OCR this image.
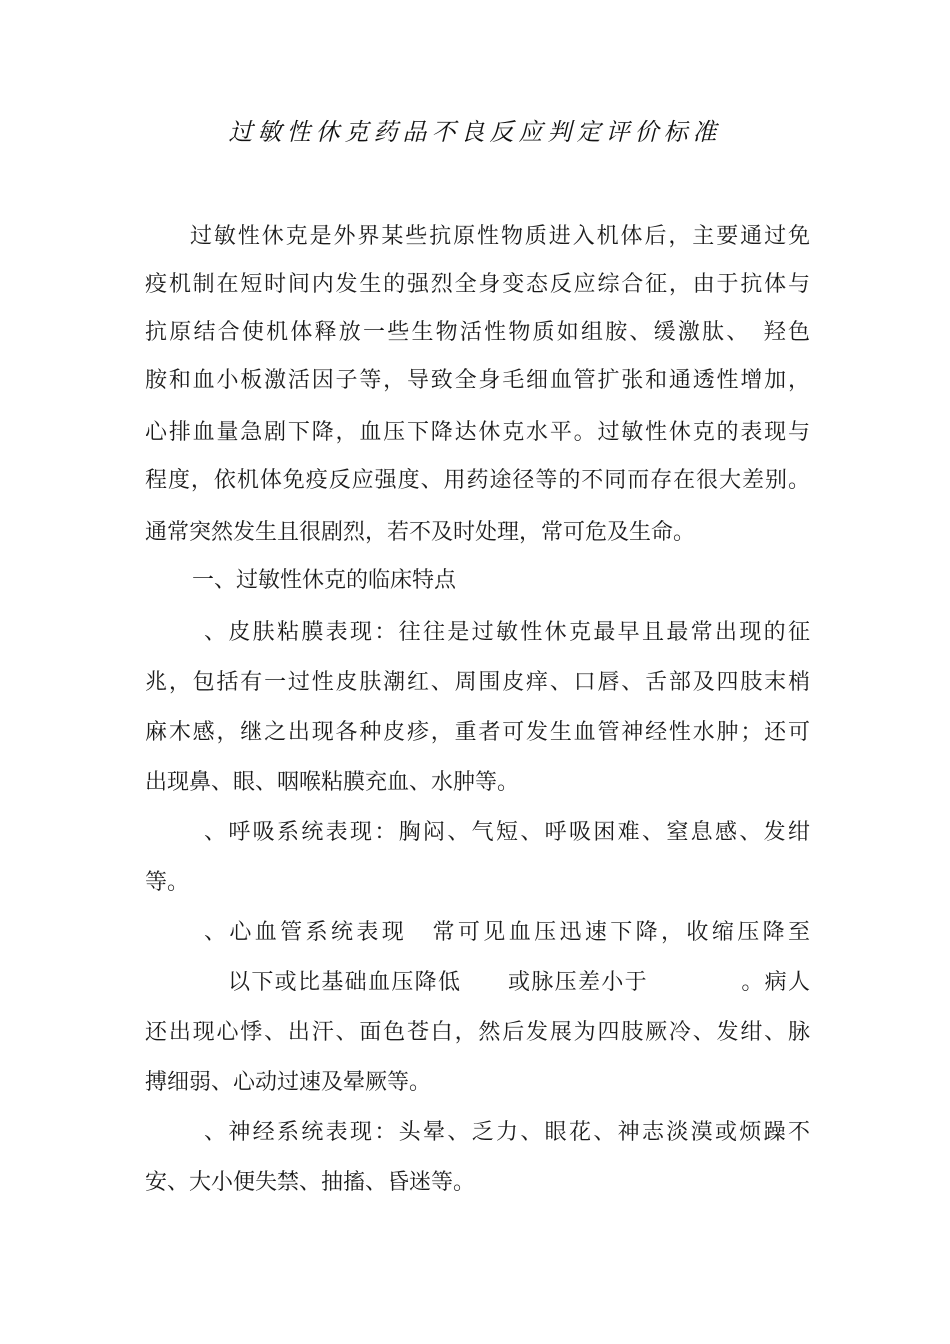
过敏性休克药品不良反应判定评价标准
过敏性休克是外界某些抗原性物质进入机体后，主要通过免
疫机制在短时间内发生的强烈全身变态反应综合征，由于抗体与
抗原结合使机体释放一些生物活性物质如组胺、缓激肽、　羟色
胺和血小板激活因子等，导致全身毛细血管扩张和通透性增加，
心排血量急剧下降，血压下降达休克水平。过敏性休克的表现与
程度，依机体免疫反应强度、用药途径等的不同而存在很大差别。
通常突然发生且很剧烈，若不及时处理，常可危及生命。
一、过敏性休克的临床特点
、皮肤粘膜表现：往往是过敏性休克最早且最常出现的征
兆，包括有一过性皮肤潮红、周围皮痒、口唇、舌部及四肢末梢
麻木感，继之出现各种皮疹，重者可发生血管神经性水肿；还可
出现鼻、眼、咽喉粘膜充血、水肿等。
、呼吸系统表现：胸闷、气短、呼吸困难、窒息感、发绀
等。
、心血管系统表现　常可见血压迅速下降，收缩压降至
以下或比基础血压降低　　或脉压差小于　　　　。病人
还出现心悸、出汗、面色苍白，然后发展为四肢厥冷、发绀、脉
搏细弱、心动过速及晕厥等。
、神经系统表现：头晕、乏力、眼花、神志淡漠或烦躁不
安、大小便失禁、抽搐、昏迷等。
